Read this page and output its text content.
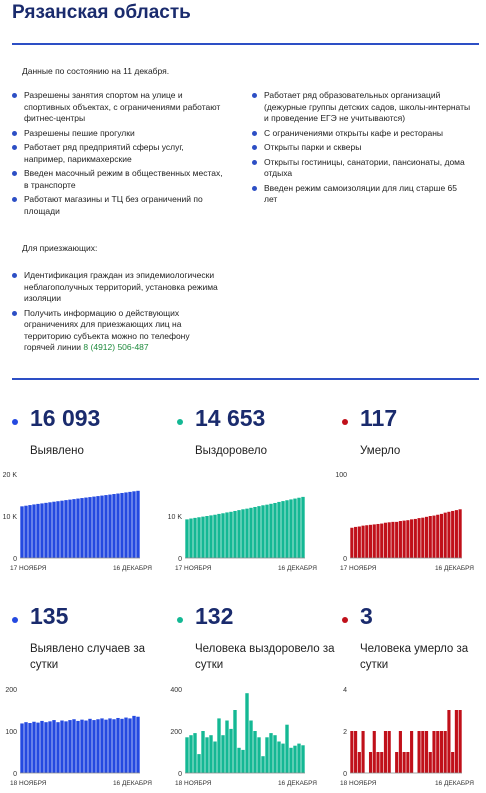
Рязанская область
Данные по состоянию на 11 декабря.
Разрешены занятия спортом на улице и спортивных объектах, с ограничениями работают фитнес-центры
Разрешены пешие прогулки
Работает ряд предприятий сферы услуг, например, парикмахерские
Введен масочный режим в общественных местах, в транспорте
Работают магазины и ТЦ без ограничений по площади
Работает ряд образовательных организаций (дежурные группы детских садов, школы-интернаты и проведение ЕГЭ не учитываются)
С ограничениями открыты кафе и рестораны
Открыты парки и скверы
Открыты гостиницы, санатории, пансионаты, дома отдыха
Введен режим самоизоляции для лиц старше 65 лет
Для приезжающих:
Идентификация граждан из эпидемиологически неблагополучных территорий, установка режима изоляции
Получить информацию о действующих ограничениях для приезжающих лиц на территорию субъекта можно по телефону горячей линии 8 (4912) 506-487
16 093
Выявлено
14 653
Выздоровело
117
Умерло
135
Выявлено случаев за сутки
132
Человека выздоровело за сутки
3
Человека умерло за сутки
0
10 K
20 K
17 НОЯБРЯ	16 ДЕКАБРЯ
0
10 K
17 НОЯБРЯ	16 ДЕКАБРЯ
0
100
17 НОЯБРЯ	16 ДЕКАБРЯ
0
100
200
18 НОЯБРЯ	16 ДЕКАБРЯ
0
200
400
18 НОЯБРЯ	16 ДЕКАБРЯ
0
2
4
18 НОЯБРЯ	16 ДЕКАБРЯ
